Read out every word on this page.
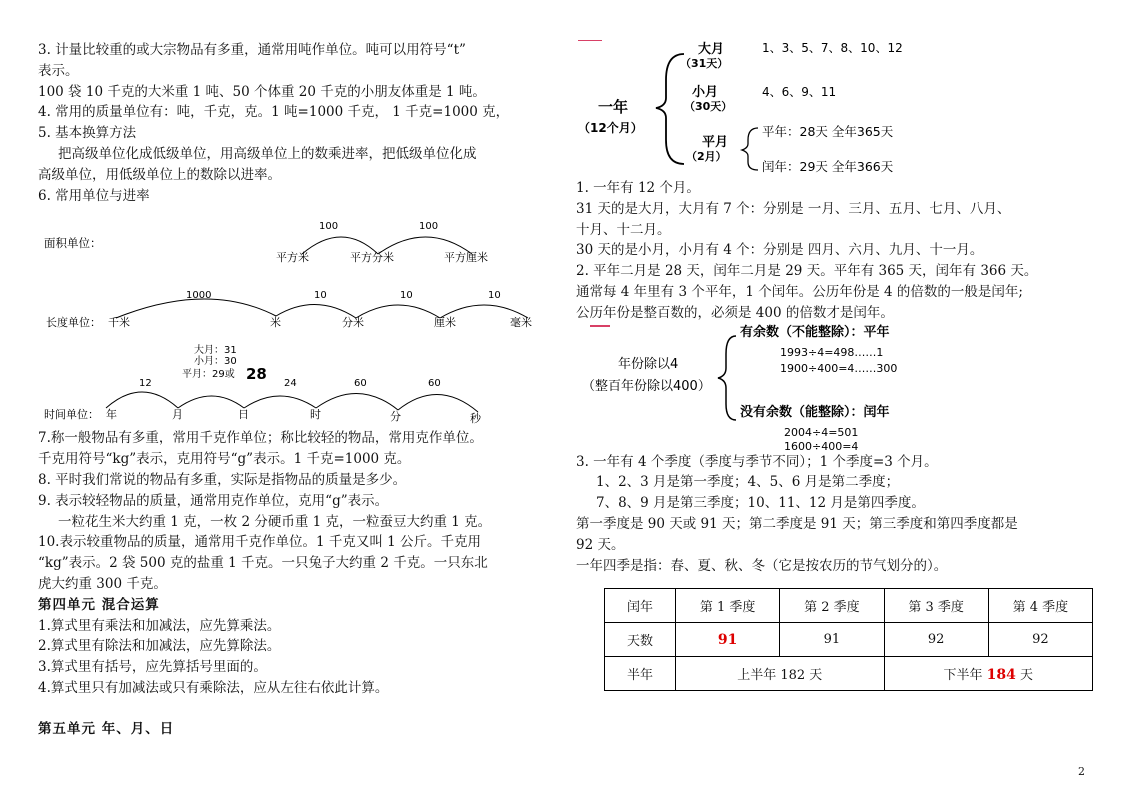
3. 计量比较重的或大宗物品有多重，通常用吨作单位。吨可以用符号“t”

表示。

100 袋 10 千克的大米重 1 吨、50 个体重 20 千克的小朋友体重是 1 吨。

4. 常用的质量单位有：吨，千克，克。1 吨=1000 千克， 1 千克=1000 克，

5. 基本换算方法

把高级单位化成低级单位，用高级单位上的数乘进率，把低级单位化成

高级单位，用低级单位上的数除以进率。

6. 常用单位与进率

面积单位：
100	100
平方米	平方分米	平方厘米
1000	10	10	10
长度单位： 千米	米	分米	厘米	毫米
大月：31
小月：30
平月：29或 28
12	24	60	60
时间单位： 年	月	日	时	分	秒

7.称一般物品有多重，常用千克作单位；称比较轻的物品，常用克作单位。

千克用符号“kg”表示，克用符号“g”表示。1 千克=1000 克。

8. 平时我们常说的物品有多重，实际是指物品的质量是多少。

9. 表示较轻物品的质量，通常用克作单位，克用“g”表示。

一粒花生米大约重 1 克，一枚 2 分硬币重 1 克，一粒蚕豆大约重 1 克。

10.表示较重物品的质量，通常用千克作单位。1 千克又叫 1 公斤。千克用

“kg”表示。2 袋 500 克的盐重 1 千克。一只兔子大约重 2 千克。一只东北

虎大约重 300 千克。

第四单元 混合运算

1.算式里有乘法和加减法，应先算乘法。

2.算式里有除法和加减法，应先算除法。

3.算式里有括号，应先算括号里面的。

4.算式里只有加减法或只有乘除法，应从左往右依此计算。

第五单元 年、月、日

一年
（12个月）
大月
（31天）
1、3、5、7、8、10、12
小月
（30天）
4、6、9、11
平月
（2月）
平年：28天 全年365天
闰年：29天 全年366天

1. 一年有 12 个月。

31 天的是大月，大月有 7 个：分别是 一月、三月、五月、七月、八月、

十月、十二月。

30 天的是小月，小月有 4 个：分别是 四月、六月、九月、十一月。

2. 平年二月是 28 天，闰年二月是 29 天。平年有 365 天，闰年有 366 天。

通常每 4 年里有 3 个平年，1 个闰年。公历年份是 4 的倍数的一般是闰年;

公历年份是整百数的，必须是 400 的倍数才是闰年。

年份除以4
（整百年份除以400）
有余数（不能整除）：平年
1993÷4=498……1
1900÷400=4……300
没有余数（能整除）：闰年
2004÷4=501
1600÷400=4

3. 一年有 4 个季度（季度与季节不同）；1 个季度=3 个月。

1、2、3 月是第一季度；4、5、6 月是第二季度；

7、8、9 月是第三季度；10、11、12 月是第四季度。

第一季度是 90 天或 91 天；第二季度是 91 天；第三季度和第四季度都是

92 天。

一年四季是指：春、夏、秋、冬（它是按农历的节气划分的）。

闰年	第 1 季度	第 2 季度	第 3 季度	第 4 季度
天数	91	91	92	92
半年	上半年 182 天		下半年 184 天	
2
